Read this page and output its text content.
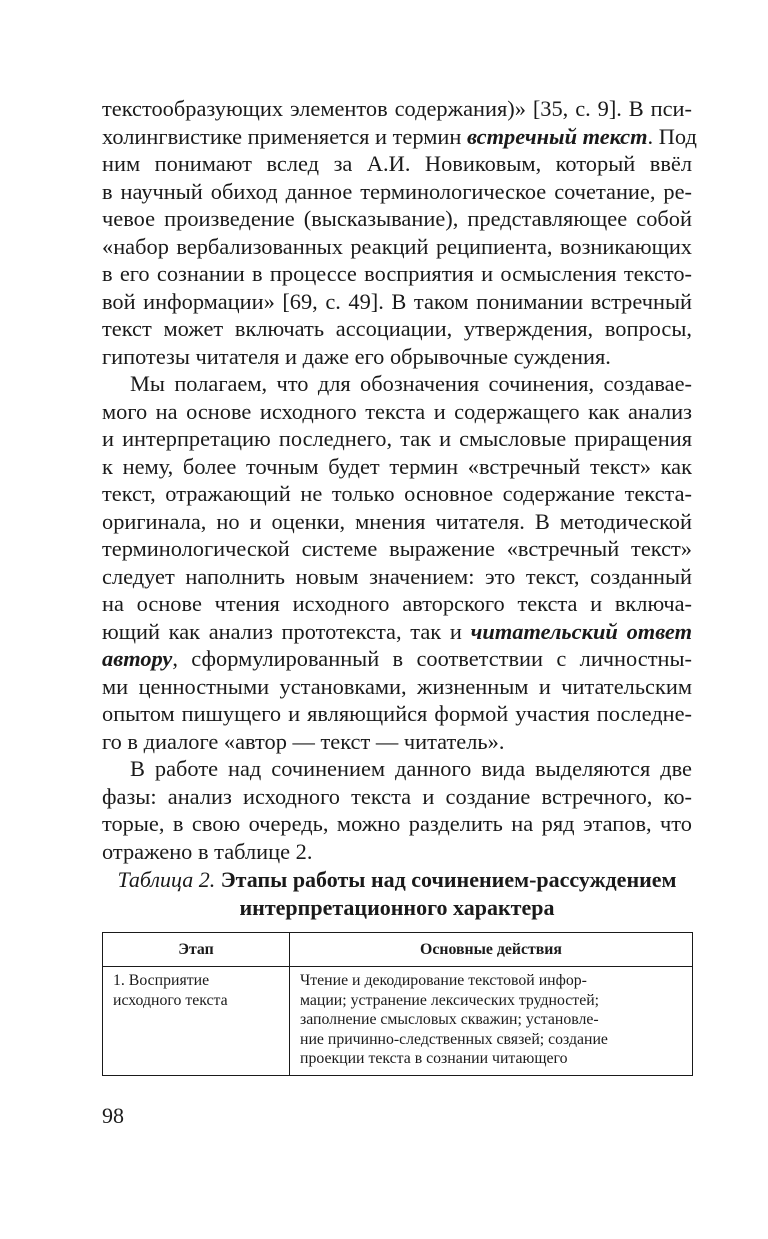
текстообразующих элементов содержания)» [35, с. 9]. В пси-
холингвистике применяется и термин встречный текст. Под
ним понимают вслед за А.И. Новиковым, который ввёл
в научный обиход данное терминологическое сочетание, ре-
чевое произведение (высказывание), представляющее собой
«набор вербализованных реакций реципиента, возникающих
в его сознании в процессе восприятия и осмысления тексто-
вой информации» [69, с. 49]. В таком понимании встречный
текст может включать ассоциации, утверждения, вопросы,
гипотезы читателя и даже его обрывочные суждения.
Мы полагаем, что для обозначения сочинения, создавае-
мого на основе исходного текста и содержащего как анализ
и интерпретацию последнего, так и смысловые приращения
к нему, более точным будет термин «встречный текст» как
текст, отражающий не только основное содержание текста-
оригинала, но и оценки, мнения читателя. В методической
терминологической системе выражение «встречный текст»
следует наполнить новым значением: это текст, созданный
на основе чтения исходного авторского текста и включа-
ющий как анализ прототекста, так и читательский ответ
автору, сформулированный в соответствии с личностны-
ми ценностными установками, жизненным и читательским
опытом пишущего и являющийся формой участия последне-
го в диалоге «автор — текст — читатель».
В работе над сочинением данного вида выделяются две
фазы: анализ исходного текста и создание встречного, ко-
торые, в свою очередь, можно разделить на ряд этапов, что
отражено в таблице 2.
Таблица 2. Этапы работы над сочинением-рассуждением
интерпретационного характера
Этап	Основные действия

1. Восприятие
исходного текста	Чтение и декодирование текстовой инфор-
мации; устранение лексических трудностей;
заполнение смысловых скважин; установле-
ние причинно-следственных связей; создание
проекции текста в сознании читающего
98
